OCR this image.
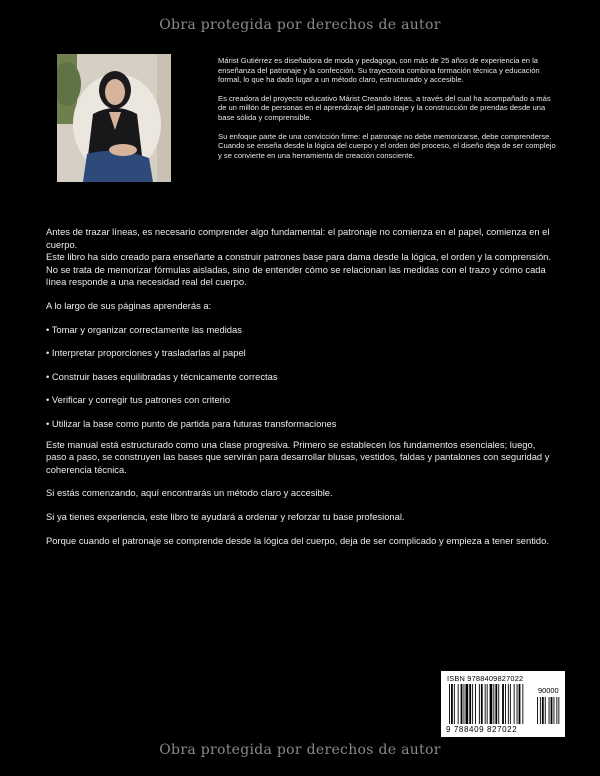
Obra protegida por derechos de autor

Márist Gutiérrez es diseñadora de moda y pedagoga, con más de 25 años de experiencia en la enseñanza del patronaje y la confección. Su trayectoria combina formación técnica y educación formal, lo que ha dado lugar a un método claro, estructurado y accesible.

Es creadora del proyecto educativo Márist Creando Ideas, a través del cual ha acompañado a más de un millón de personas en el aprendizaje del patronaje y la construcción de prendas desde una base sólida y comprensible.

Su enfoque parte de una convicción firme: el patronaje no debe memorizarse, debe comprenderse. Cuando se enseña desde la lógica del cuerpo y el orden del proceso, el diseño deja de ser complejo y se convierte en una herramienta de creación consciente.

Antes de trazar líneas, es necesario comprender algo fundamental: el patronaje no comienza en el papel, comienza en el cuerpo.

Este libro ha sido creado para enseñarte a construir patrones base para dama desde la lógica, el orden y la comprensión. No se trata de memorizar fórmulas aisladas, sino de entender cómo se relacionan las medidas con el trazo y cómo cada línea responde a una necesidad real del cuerpo.

A lo largo de sus páginas aprenderás a:

• Tomar y organizar correctamente las medidas

• Interpretar proporciones y trasladarlas al papel

• Construir bases equilibradas y técnicamente correctas

• Verificar y corregir tus patrones con criterio

• Utilizar la base como punto de partida para futuras transformaciones

Este manual está estructurado como una clase progresiva. Primero se establecen los fundamentos esenciales; luego, paso a paso, se construyen las bases que servirán para desarrollar blusas, vestidos, faldas y pantalones con seguridad y coherencia técnica.

Si estás comenzando, aquí encontrarás un método claro y accesible.

Si ya tienes experiencia, este libro te ayudará a ordenar y reforzar tu base profesional.

Porque cuando el patronaje se comprende desde la lógica del cuerpo, deja de ser complicado y empieza a tener sentido.

ISBN 9788409827022
90000
9 788409 827022
Obra protegida por derechos de autor
